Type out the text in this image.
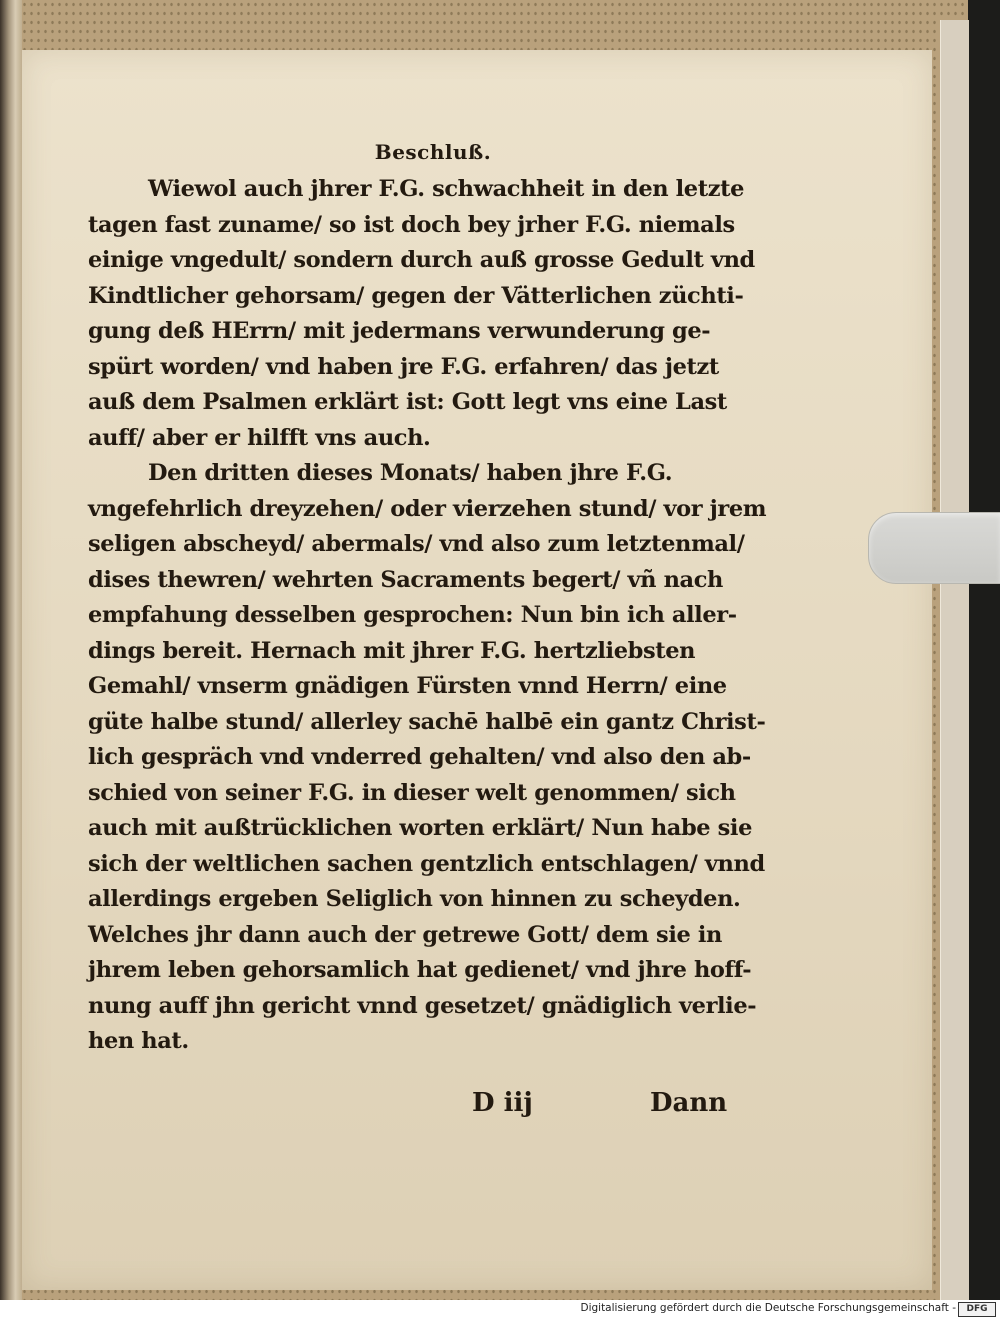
Beschluß.
Wiewol auch jhrer F.G. schwachheit in den letzte
tagen fast zuname/ so ist doch bey jrher F.G. niemals
einige vngedult/ sondern durch auß grosse Gedult vnd
Kindtlicher gehorsam/ gegen der Vätterlichen züchti-
gung deß HErrn/ mit jedermans verwunderung ge-
spürt worden/ vnd haben jre F.G. erfahren/ das jetzt
auß dem Psalmen erklärt ist: Gott legt vns eine Last
auff/ aber er hilfft vns auch.
Den dritten dieses Monats/ haben jhre F.G.
vngefehrlich dreyzehen/ oder vierzehen stund/ vor jrem
seligen abscheyd/ abermals/ vnd also zum letztenmal/
dises thewren/ wehrten Sacraments begert/ vñ nach
empfahung desselben gesprochen: Nun bin ich aller-
dings bereit. Hernach mit jhrer F.G. hertzliebsten
Gemahl/ vnserm gnädigen Fürsten vnnd Herrn/ eine
güte halbe stund/ allerley sachē halbē ein gantz Christ-
lich gespräch vnd vnderred gehalten/ vnd also den ab-
schied von seiner F.G. in dieser welt genommen/ sich
auch mit außtrücklichen worten erklärt/ Nun habe sie
sich der weltlichen sachen gentzlich entschlagen/ vnnd
allerdings ergeben Seliglich von hinnen zu scheyden.
Welches jhr dann auch der getrewe Gott/ dem sie in
jhrem leben gehorsamlich hat gedienet/ vnd jhre hoff-
nung auff jhn gericht vnnd gesetzet/ gnädiglich verlie-
hen hat.
D iij	Dann
Digitalisierung gefördert durch die Deutsche Forschungsgemeinschaft -	DFG
